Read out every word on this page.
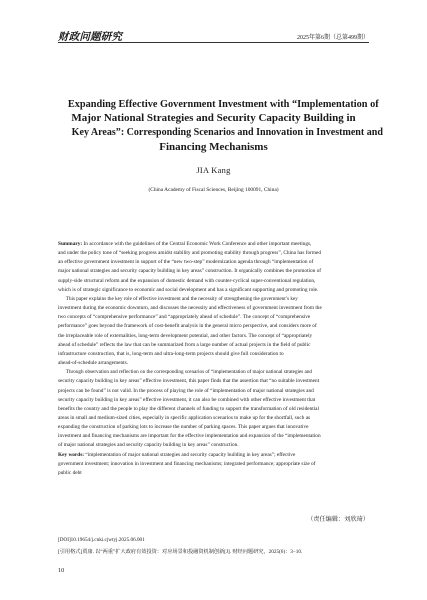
财政问题研究	2025年第6期（总第499期）
Expanding Effective Government Investment with “Implementation of
Major National Strategies and Security Capacity Building in
Key Areas”: Corresponding Scenarios and Innovation in Investment and
Financing Mechanisms
JIA Kang
(China Academy of Fiscal Sciences, Beijing 100091, China)
Summary: In accordance with the guidelines of the Central Economic Work Conference and other important meetings,
and under the policy tone of “seeking progress amidst stability and promoting stability through progress”, China has formed
an effective government investment in support of the “new two-step” modernization agenda through “implementation of
major national strategies and security capacity building in key areas” construction. It organically combines the promotion of
supply-side structural reform and the expansion of domestic demand with counter-cyclical super-conventional regulation,
which is of strategic significance to economic and social development and has a significant supporting and promoting role.
This paper explains the key role of effective investment and the necessity of strengthening the government’s key
investment during the economic downturn, and discusses the necessity and effectiveness of government investment from the
two concepts of “comprehensive performance” and “appropriately ahead of schedule”. The concept of “comprehensive
performance” goes beyond the framework of cost-benefit analysis in the general micro perspective, and considers more of
the irreplaceable role of externalities, long-term development potential, and other factors. The concept of “appropriately
ahead of schedule” reflects the law that can be summarized from a large number of actual projects in the field of public
infrastructure construction, that is, long-term and ultra-long-term projects should give full consideration to
ahead-of-schedule arrangements.
Through observation and reflection on the corresponding scenarios of “implementation of major national strategies and
security capacity building in key areas” effective investment, this paper finds that the assertion that “no suitable investment
projects can be found” is not valid. In the process of playing the role of “implementation of major national strategies and
security capacity building in key areas” effective investment, it can also be combined with other effective investment that
benefits the country and the people to play the different channels of funding to support the transformation of old residential
areas in small and medium-sized cities, especially in specific application scenarios to make up for the shortfall, such as
expanding the construction of parking lots to increase the number of parking spaces. This paper argues that innovative
investment and financing mechanisms are important for the effective implementation and expansion of the “implementation
of major national strategies and security capacity building in key areas” construction.
Key words: “implementation of major national strategies and security capacity building in key areas”; effective
government investment; innovation in investment and financing mechanisms; integrated performance; appropriate size of
public debt
（责任编辑：刘欣琦）
[DOI]10.19654/j.cnki.cjwtyj.2025.06.001
[引用格式]贾康. 以“两重”扩大政府有效投资：对应场景和投融资机制创新[J]. 财经问题研究，2025(6)：3−10.
10
